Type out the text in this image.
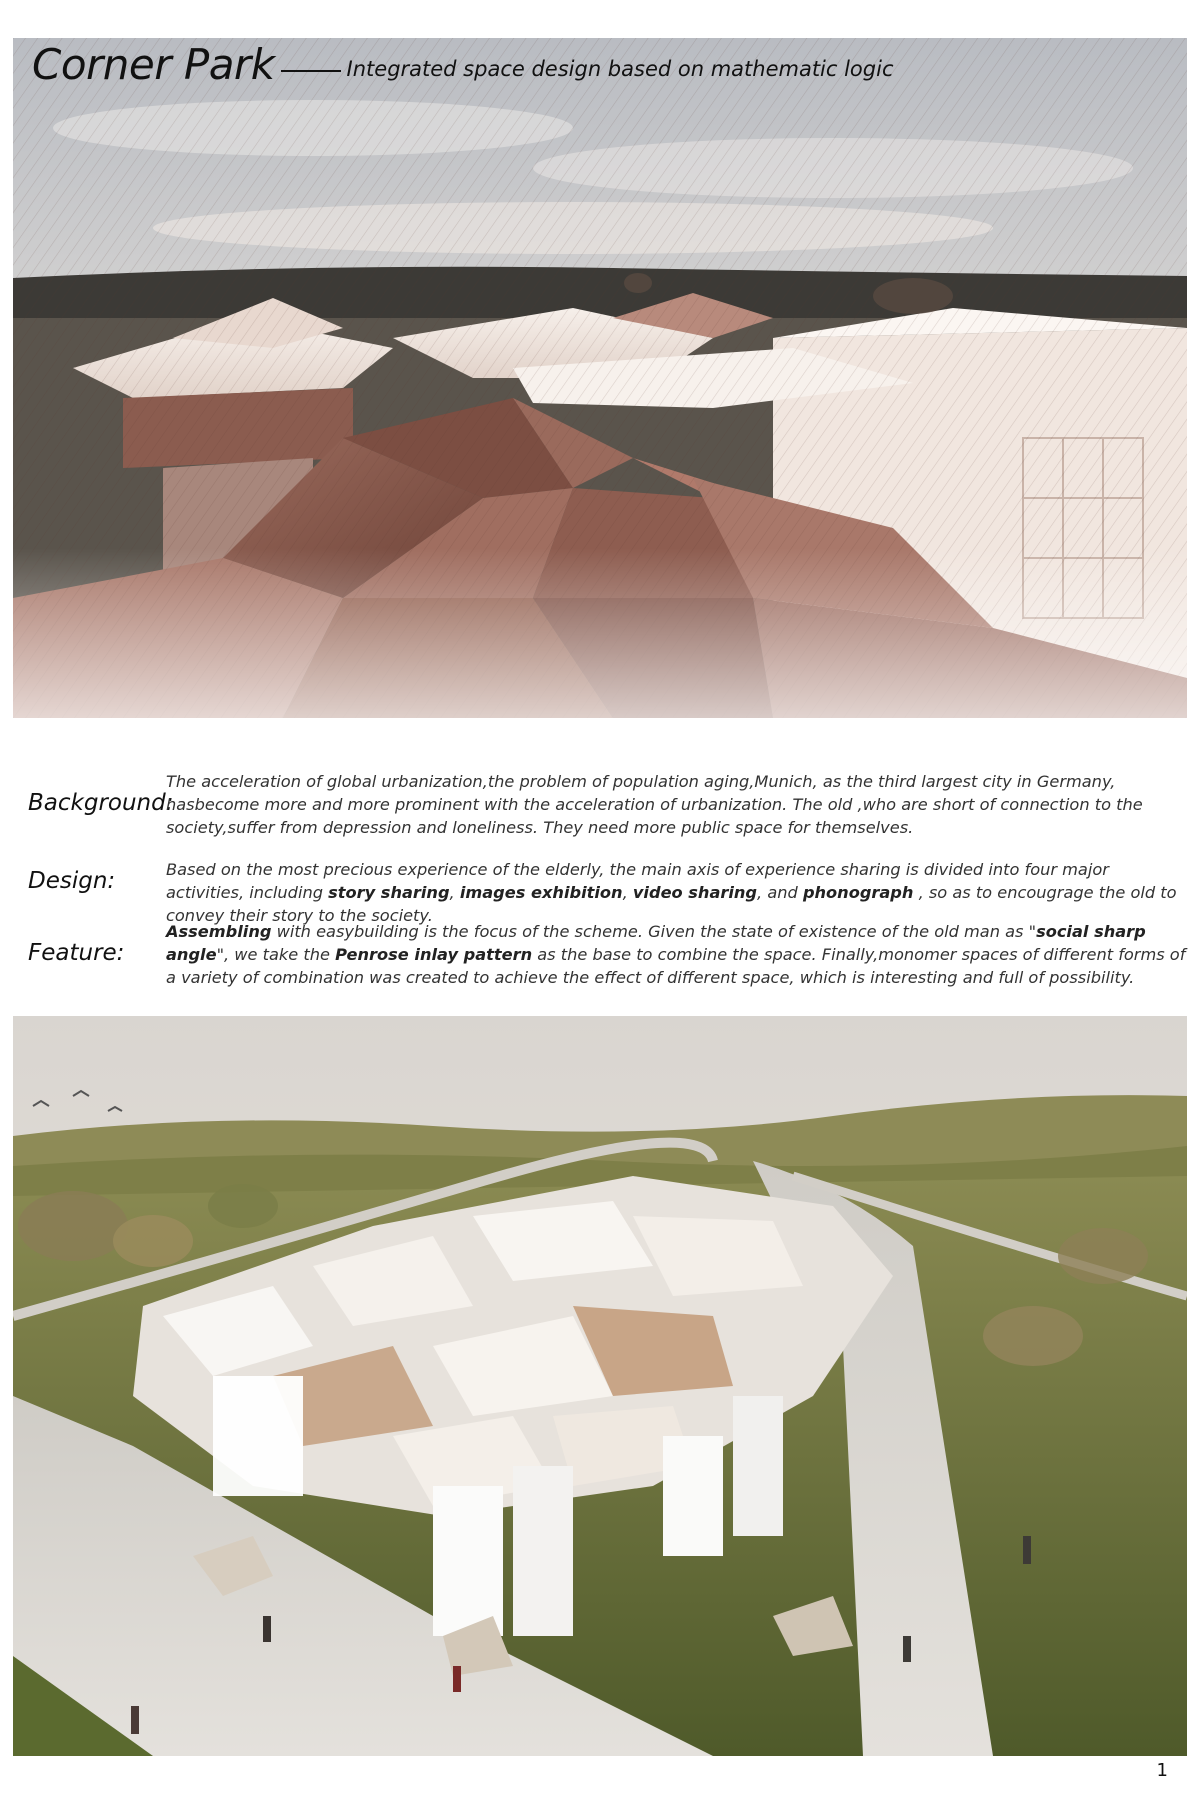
Corner Park	Integrated space design based on mathematic logic
Background:
The acceleration of global urbanization,the problem of population aging,Munich, as the third largest city in Germany, hasbecome more and more prominent with the acceleration of urbanization. The old ,who are short of connection to the society,suffer from depression and loneliness. They need more public space for themselves.
Design:	Based on the most precious experience of the elderly, the main axis of experience sharing is divided into four major activities, including story sharing, images exhibition, video sharing, and phonograph , so as to encougrage the old to convey their story to the society.
Feature:
Assembling with easybuilding is the focus of the scheme. Given the state of existence of the old man as "social sharp angle", we take the Penrose inlay pattern as the base to combine the space. Finally,monomer spaces of different forms of a variety of combination was created to achieve the effect of different space, which is interesting and full of possibility.
1
